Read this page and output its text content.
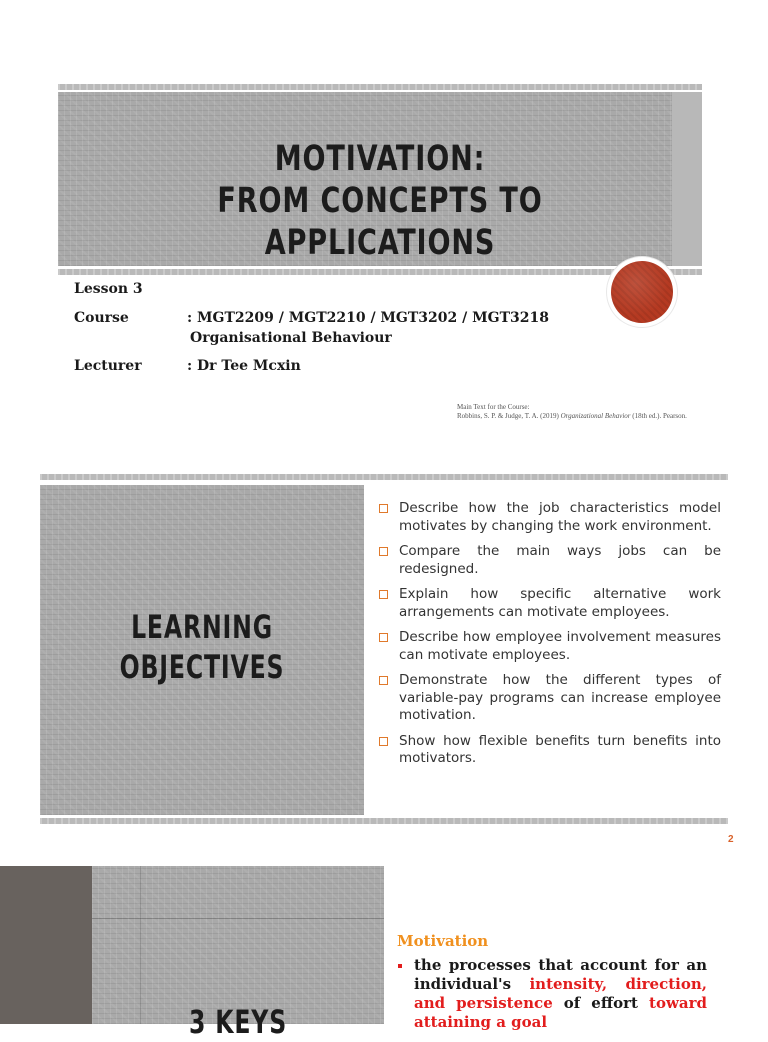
MOTIVATION:
FROM CONCEPTS TO APPLICATIONS
Lesson 3
Course	: MGT2209 / MGT2210 / MGT3202 / MGT3218
Organisational Behaviour
Lecturer	: Dr Tee Mcxin
Main Text for the Course:
Robbins, S. P. & Judge, T. A. (2019) Organizational Behavior (18th ed.). Pearson.
LEARNING
OBJECTIVES
Describe how the job characteristics model motivates by changing the work environment.
Compare the main ways jobs can be redesigned.
Explain how specific alternative work arrangements can motivate employees.
Describe how employee involvement measures can motivate employees.
Demonstrate how the different types of variable-pay programs can increase employee motivation.
Show how flexible benefits turn benefits into motivators.
2
3 KEYS
Motivation
the processes that account for an individual's intensity, direction, and persistence of effort toward attaining a goal
